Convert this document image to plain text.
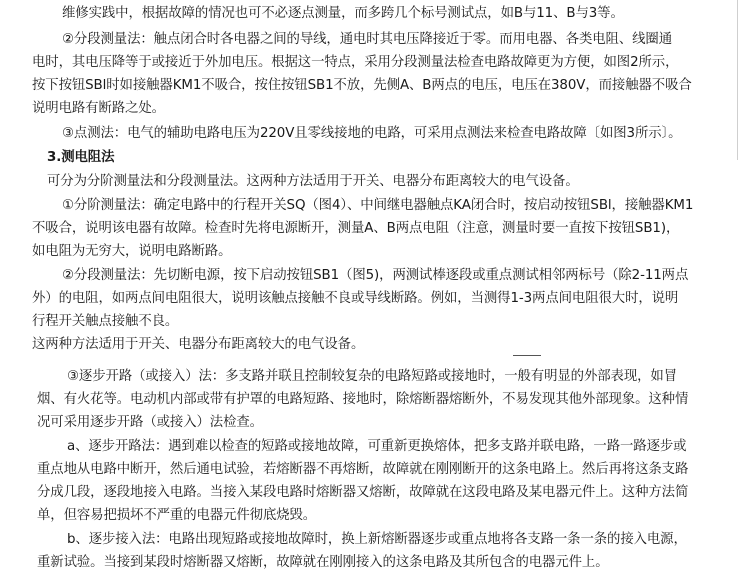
维修实践中，根据故障的情况也可不必逐点测量，而多跨几个标号测试点，如B与11、B与3等。
②分段测量法：触点闭合时各电器之间的导线，通电时其电压降接近于零。而用电器、各类电阻、线圈通
电时，其电压降等于或接近于外加电压。根据这一特点，采用分段测量法检查电路故障更为方便，如图2所示，
按下按钮SBl时如接触器KM1不吸合，按住按钮SB1不放，先侧A、B两点的电压，电压在380V，而接触器不吸合
说明电路有断路之处。
③点测法：电气的辅助电路电压为220V且零线接地的电路，可采用点测法来检查电路故障〔如图3所示〕。
3.测电阻法
可分为分阶测量法和分段测量法。这两种方法适用于开关、电器分布距离较大的电气设备。
①分阶测量法：确定电路中的行程开关SQ（图4）、中间继电器触点KA闭合时，按启动按钮SBl，接触器KM1
不吸合，说明该电器有故障。检查时先将电源断开，测量A、B两点电阻（注意，测量时要一直按下按钮SB1)，
如电阻为无穷大，说明电路断路。
②分段测量法：先切断电源，按下启动按钮SB1（图5)，两测试棒逐段或重点测试相邻两标号（除2-11两点
外）的电阻，如两点间电阻很大，说明该触点接触不良或导线断路。例如，当测得1-3两点间电阻很大时，说明
行程开关触点接触不良。
这两种方法适用于开关、电器分布距离较大的电气设备。
③逐步开路（或接入）法：多支路并联且控制较复杂的电路短路或接地时，一般有明显的外部表现，如冒
烟、有火花等。电动机内部或带有护罩的电路短路、接地时，除熔断器熔断外，不易发现其他外部现象。这种情
况可采用逐步开路（或接入）法检查。
a、逐步开路法：遇到难以检查的短路或接地故障，可重新更换熔体，把多支路并联电路，一路一路逐步或
重点地从电路中断开，然后通电试验，若熔断器不再熔断，故障就在刚刚断开的这条电路上。然后再将这条支路
分成几段，逐段地接入电路。当接入某段电路时熔断器又熔断，故障就在这段电路及某电器元件上。这种方法简
单，但容易把损坏不严重的电器元件彻底烧毁。
b、逐步接入法：电路出现短路或接地故障时，换上新熔断器逐步或重点地将各支路一条一条的接入电源，
重新试验。当接到某段时熔断器又熔断，故障就在刚刚接入的这条电路及其所包含的电器元件上。
